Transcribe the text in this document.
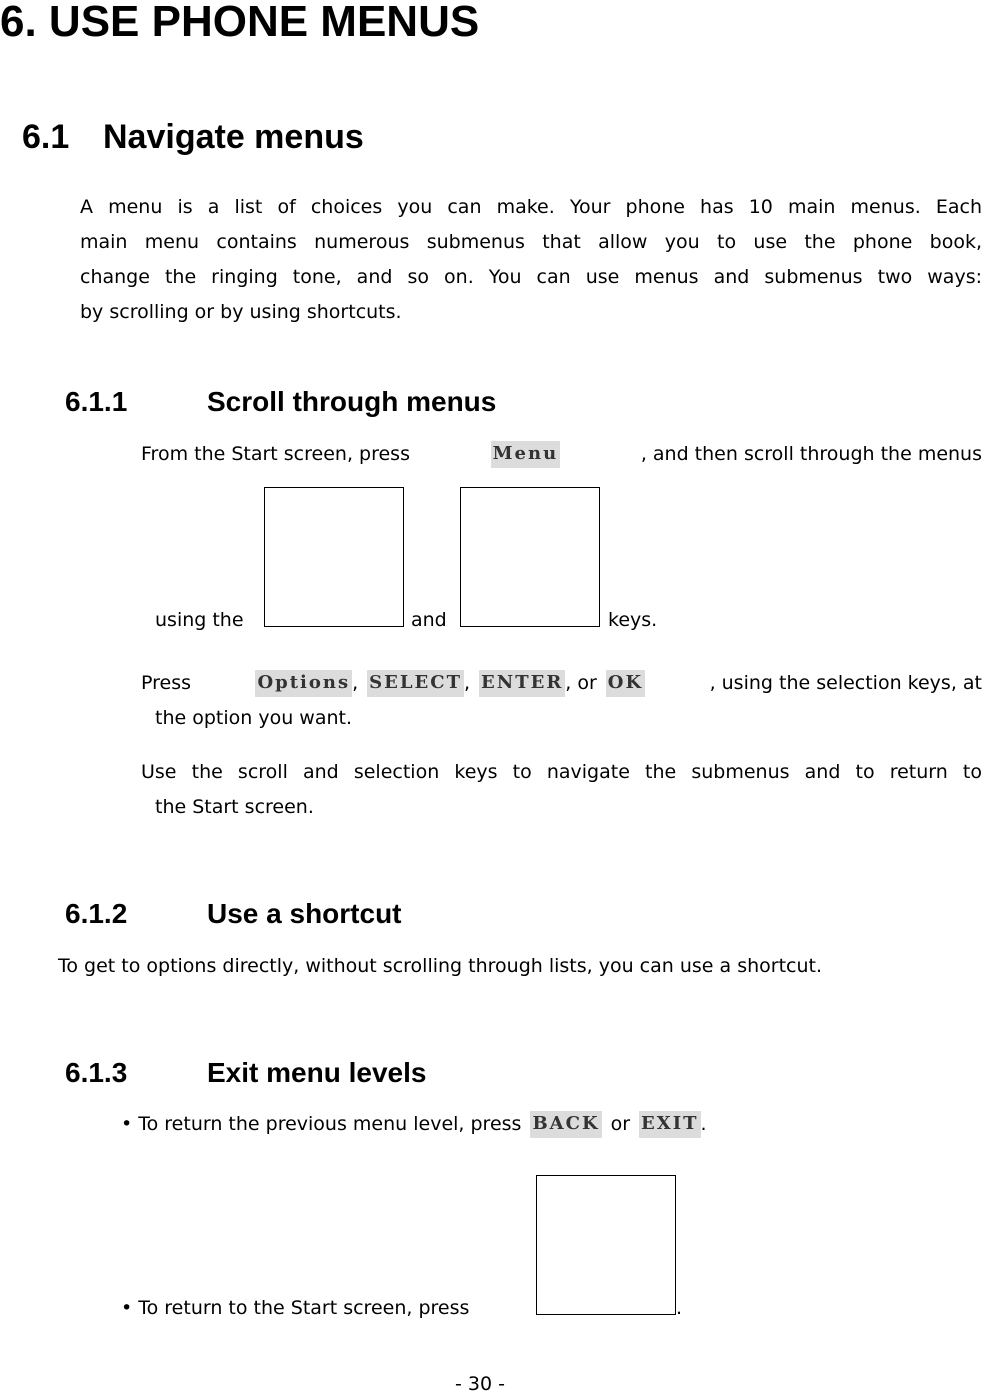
6. USE PHONE MENUS
6.1 Navigate menus
A menu is a list of choices you can make. Your phone has 10 main menus. Each
main menu contains numerous submenus that allow you to use the phone book,
change the ringing tone, and so on. You can use menus and submenus two ways:
by scrolling or by using shortcuts.
6.1.1	Scroll through menus
From the Start screen, press	Menu	, and then scroll through the menus
using the	and	keys.
Press	Options , SELECT , ENTER , or OK	, using the selection keys, at
the option you want.
Use the scroll and selection keys to navigate the submenus and to return to
the Start screen.
6.1.2	Use a shortcut
To get to options directly, without scrolling through lists, you can use a shortcut.
6.1.3	Exit menu levels
• To return the previous menu level, press BACK or EXIT .
• To return to the Start screen, press	.
- 30 -
